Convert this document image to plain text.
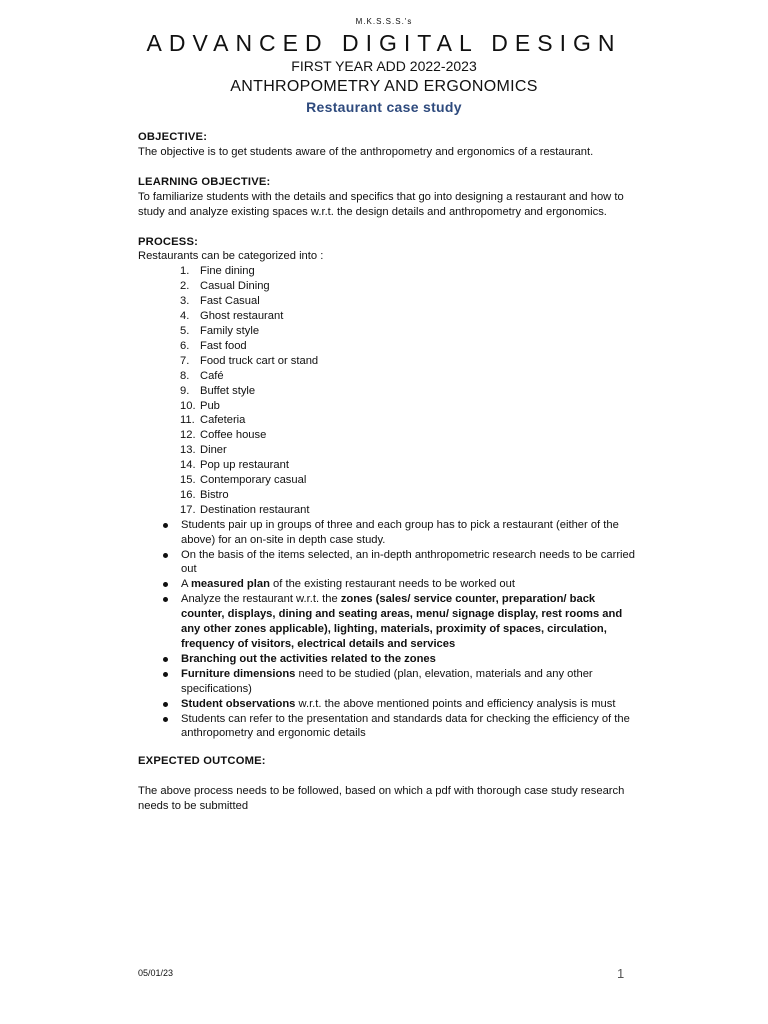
M.K.S.S.S.'s
ADVANCED DIGITAL DESIGN
FIRST YEAR ADD 2022-2023
ANTHROPOMETRY AND ERGONOMICS
Restaurant case study
OBJECTIVE:
The objective is to get students aware of the anthropometry and ergonomics of a restaurant.
LEARNING OBJECTIVE:
To familiarize students with the details and specifics that go into designing a restaurant and how to study and analyze existing spaces w.r.t. the design details and anthropometry and ergonomics.
PROCESS:
Restaurants can be categorized into :
1. Fine dining
2. Casual Dining
3. Fast Casual
4. Ghost restaurant
5. Family style
6. Fast food
7. Food truck cart or stand
8. Café
9. Buffet style
10. Pub
11. Cafeteria
12. Coffee house
13. Diner
14. Pop up restaurant
15. Contemporary casual
16. Bistro
17. Destination restaurant
Students pair up in groups of three and each group has to pick a restaurant (either of the above) for an on-site in depth case study.
On the basis of the items selected, an in-depth anthropometric research needs to be carried out
A measured plan of the existing restaurant needs to be worked out
Analyze the restaurant w.r.t. the zones (sales/ service counter, preparation/ back counter, displays, dining and seating areas, menu/ signage display, rest rooms and any other zones applicable), lighting, materials, proximity of spaces, circulation, frequency of visitors, electrical details and services
Branching out the activities related to the zones
Furniture dimensions need to be studied (plan, elevation, materials and any other specifications)
Student observations w.r.t. the above mentioned points and efficiency analysis is must
Students can refer to the presentation and standards data for checking the efficiency of the anthropometry and ergonomic details
EXPECTED OUTCOME:
The above process needs to be followed, based on which a pdf with thorough case study research needs to be submitted
05/01/23	1
